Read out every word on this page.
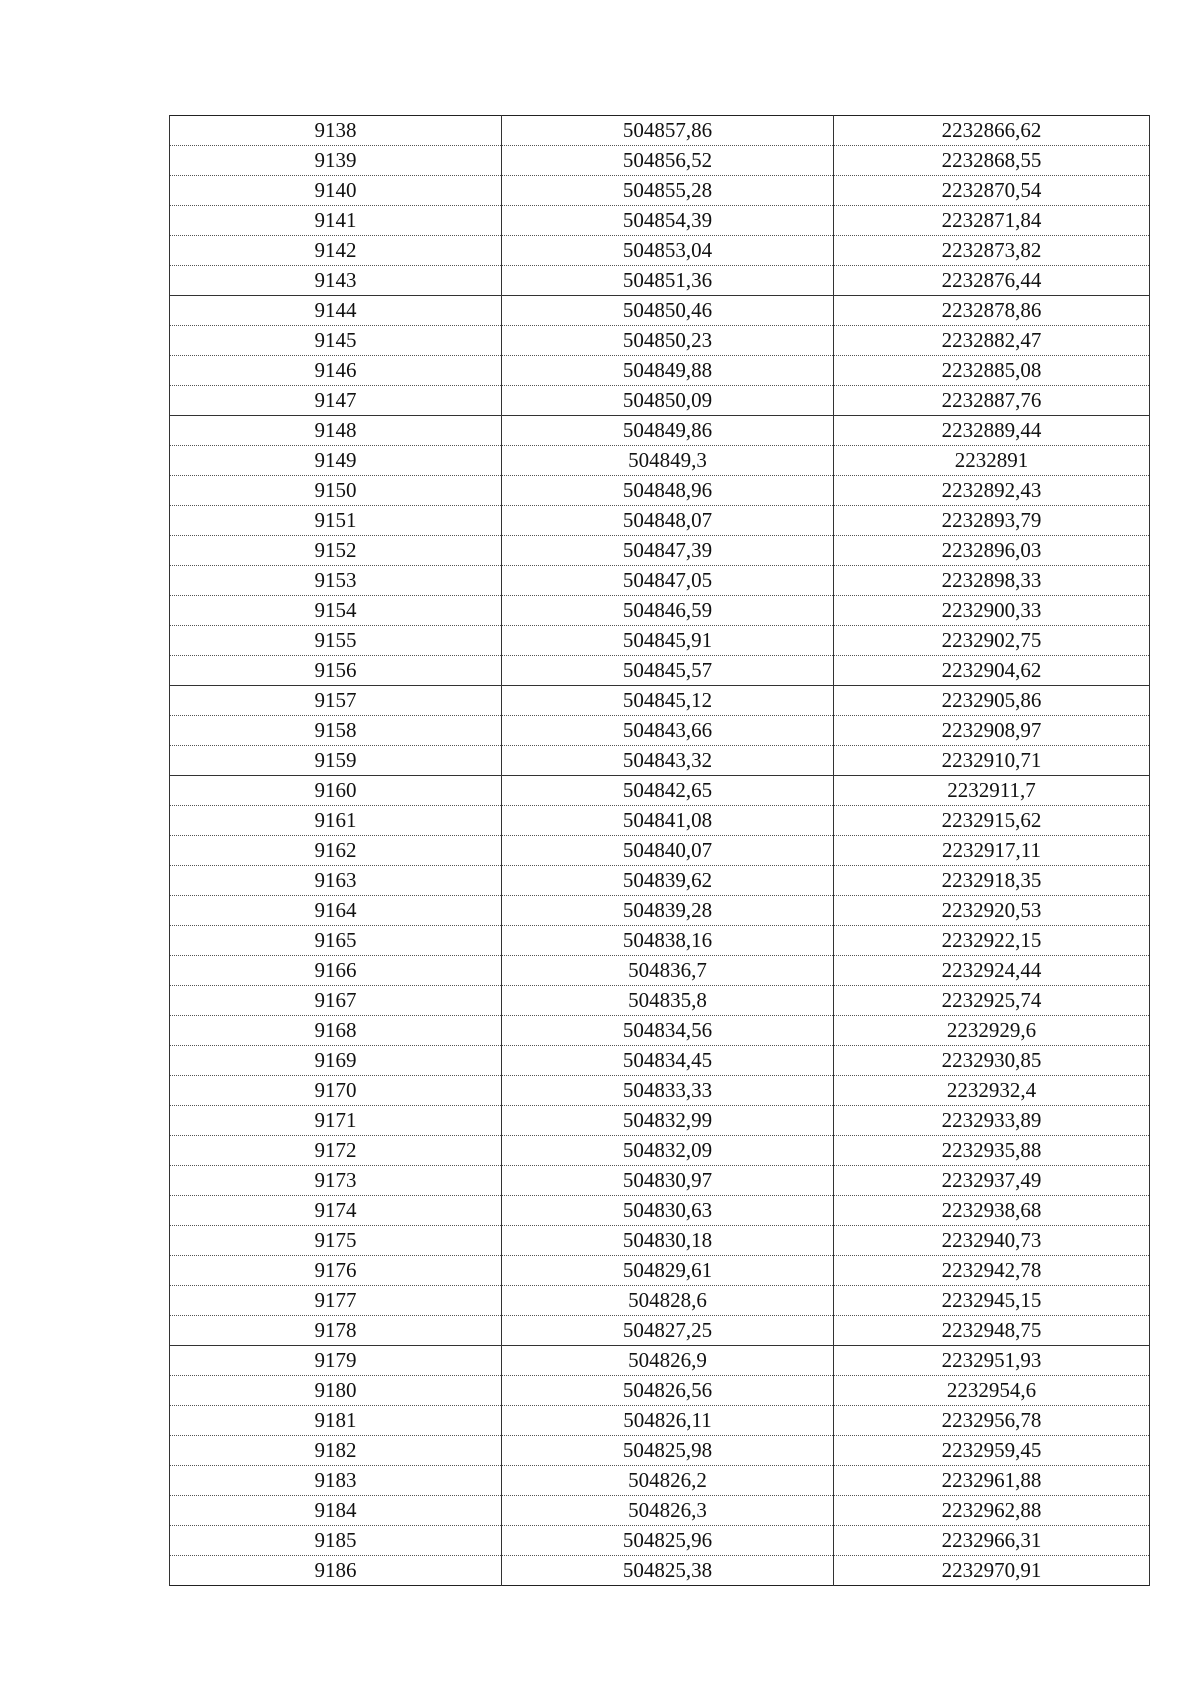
9138	504857,86	2232866,62
9139	504856,52	2232868,55
9140	504855,28	2232870,54
9141	504854,39	2232871,84
9142	504853,04	2232873,82
9143	504851,36	2232876,44
9144	504850,46	2232878,86
9145	504850,23	2232882,47
9146	504849,88	2232885,08
9147	504850,09	2232887,76
9148	504849,86	2232889,44
9149	504849,3	2232891
9150	504848,96	2232892,43
9151	504848,07	2232893,79
9152	504847,39	2232896,03
9153	504847,05	2232898,33
9154	504846,59	2232900,33
9155	504845,91	2232902,75
9156	504845,57	2232904,62
9157	504845,12	2232905,86
9158	504843,66	2232908,97
9159	504843,32	2232910,71
9160	504842,65	2232911,7
9161	504841,08	2232915,62
9162	504840,07	2232917,11
9163	504839,62	2232918,35
9164	504839,28	2232920,53
9165	504838,16	2232922,15
9166	504836,7	2232924,44
9167	504835,8	2232925,74
9168	504834,56	2232929,6
9169	504834,45	2232930,85
9170	504833,33	2232932,4
9171	504832,99	2232933,89
9172	504832,09	2232935,88
9173	504830,97	2232937,49
9174	504830,63	2232938,68
9175	504830,18	2232940,73
9176	504829,61	2232942,78
9177	504828,6	2232945,15
9178	504827,25	2232948,75
9179	504826,9	2232951,93
9180	504826,56	2232954,6
9181	504826,11	2232956,78
9182	504825,98	2232959,45
9183	504826,2	2232961,88
9184	504826,3	2232962,88
9185	504825,96	2232966,31
9186	504825,38	2232970,91
